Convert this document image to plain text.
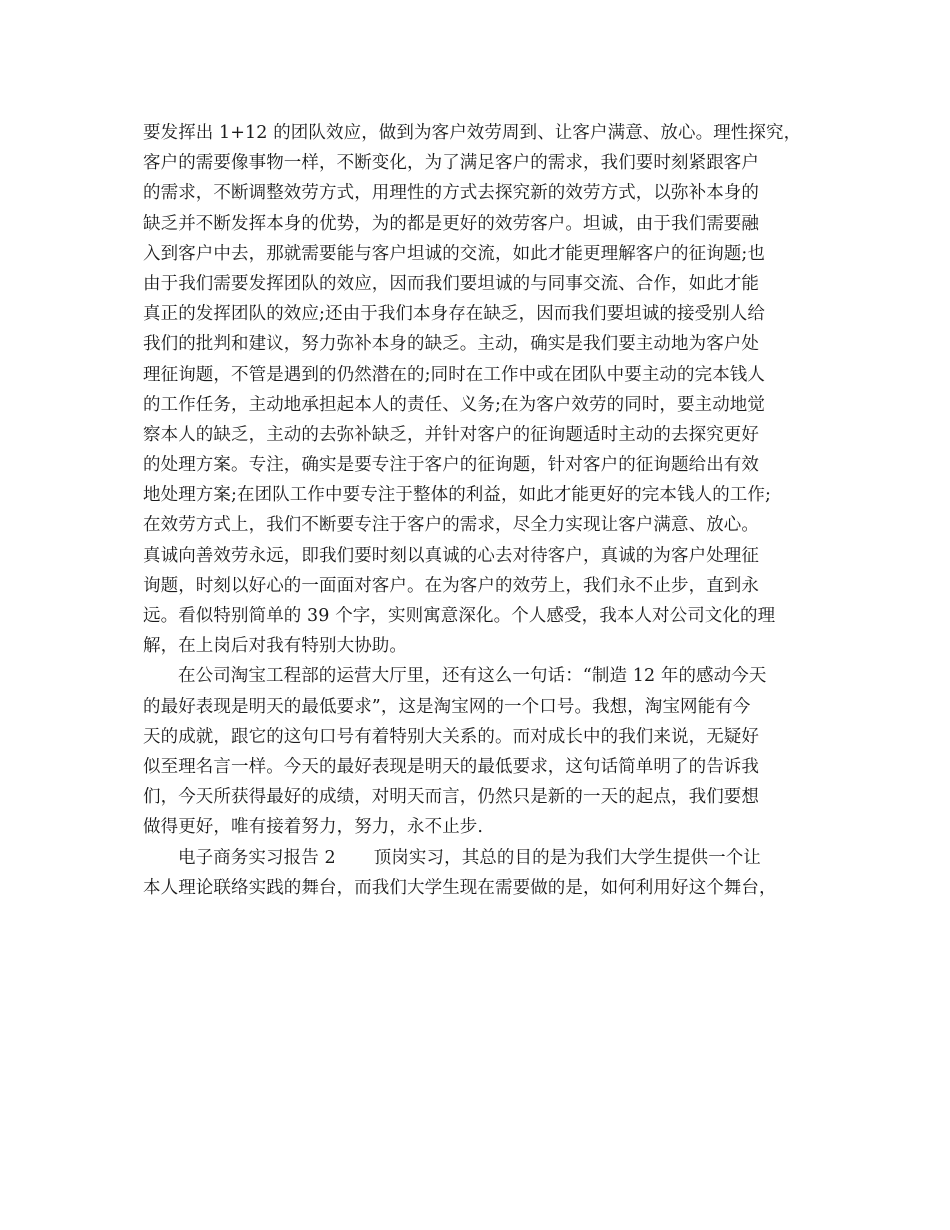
要发挥出 1+12 的团队效应，做到为客户效劳周到、让客户满意、放心。理性探究，
客户的需要像事物一样，不断变化，为了满足客户的需求，我们要时刻紧跟客户
的需求，不断调整效劳方式，用理性的方式去探究新的效劳方式，以弥补本身的
缺乏并不断发挥本身的优势，为的都是更好的效劳客户。坦诚，由于我们需要融
入到客户中去，那就需要能与客户坦诚的交流，如此才能更理解客户的征询题;也
由于我们需要发挥团队的效应，因而我们要坦诚的与同事交流、合作，如此才能
真正的发挥团队的效应;还由于我们本身存在缺乏，因而我们要坦诚的接受别人给
我们的批判和建议，努力弥补本身的缺乏。主动，确实是我们要主动地为客户处
理征询题，不管是遇到的仍然潜在的;同时在工作中或在团队中要主动的完本钱人
的工作任务，主动地承担起本人的责任、义务;在为客户效劳的同时，要主动地觉
察本人的缺乏，主动的去弥补缺乏，并针对客户的征询题适时主动的去探究更好
的处理方案。专注，确实是要专注于客户的征询题，针对客户的征询题给出有效
地处理方案;在团队工作中要专注于整体的利益，如此才能更好的完本钱人的工作;
在效劳方式上，我们不断要专注于客户的需求，尽全力实现让客户满意、放心。
真诚向善效劳永远，即我们要时刻以真诚的心去对待客户，真诚的为客户处理征
询题，时刻以好心的一面面对客户。在为客户的效劳上，我们永不止步，直到永
远。看似特别简单的 39 个字，实则寓意深化。个人感受，我本人对公司文化的理
解，在上岗后对我有特别大协助。
在公司淘宝工程部的运营大厅里，还有这么一句话：“制造 12 年的感动今天
的最好表现是明天的最低要求”，这是淘宝网的一个口号。我想，淘宝网能有今
天的成就，跟它的这句口号有着特别大关系的。而对成长中的我们来说，无疑好
似至理名言一样。今天的最好表现是明天的最低要求，这句话简单明了的告诉我
们，今天所获得最好的成绩，对明天而言，仍然只是新的一天的起点，我们要想
做得更好，唯有接着努力，努力，永不止步.
电子商务实习报告 2 顶岗实习，其总的目的是为我们大学生提供一个让
本人理论联络实践的舞台，而我们大学生现在需要做的是，如何利用好这个舞台，
